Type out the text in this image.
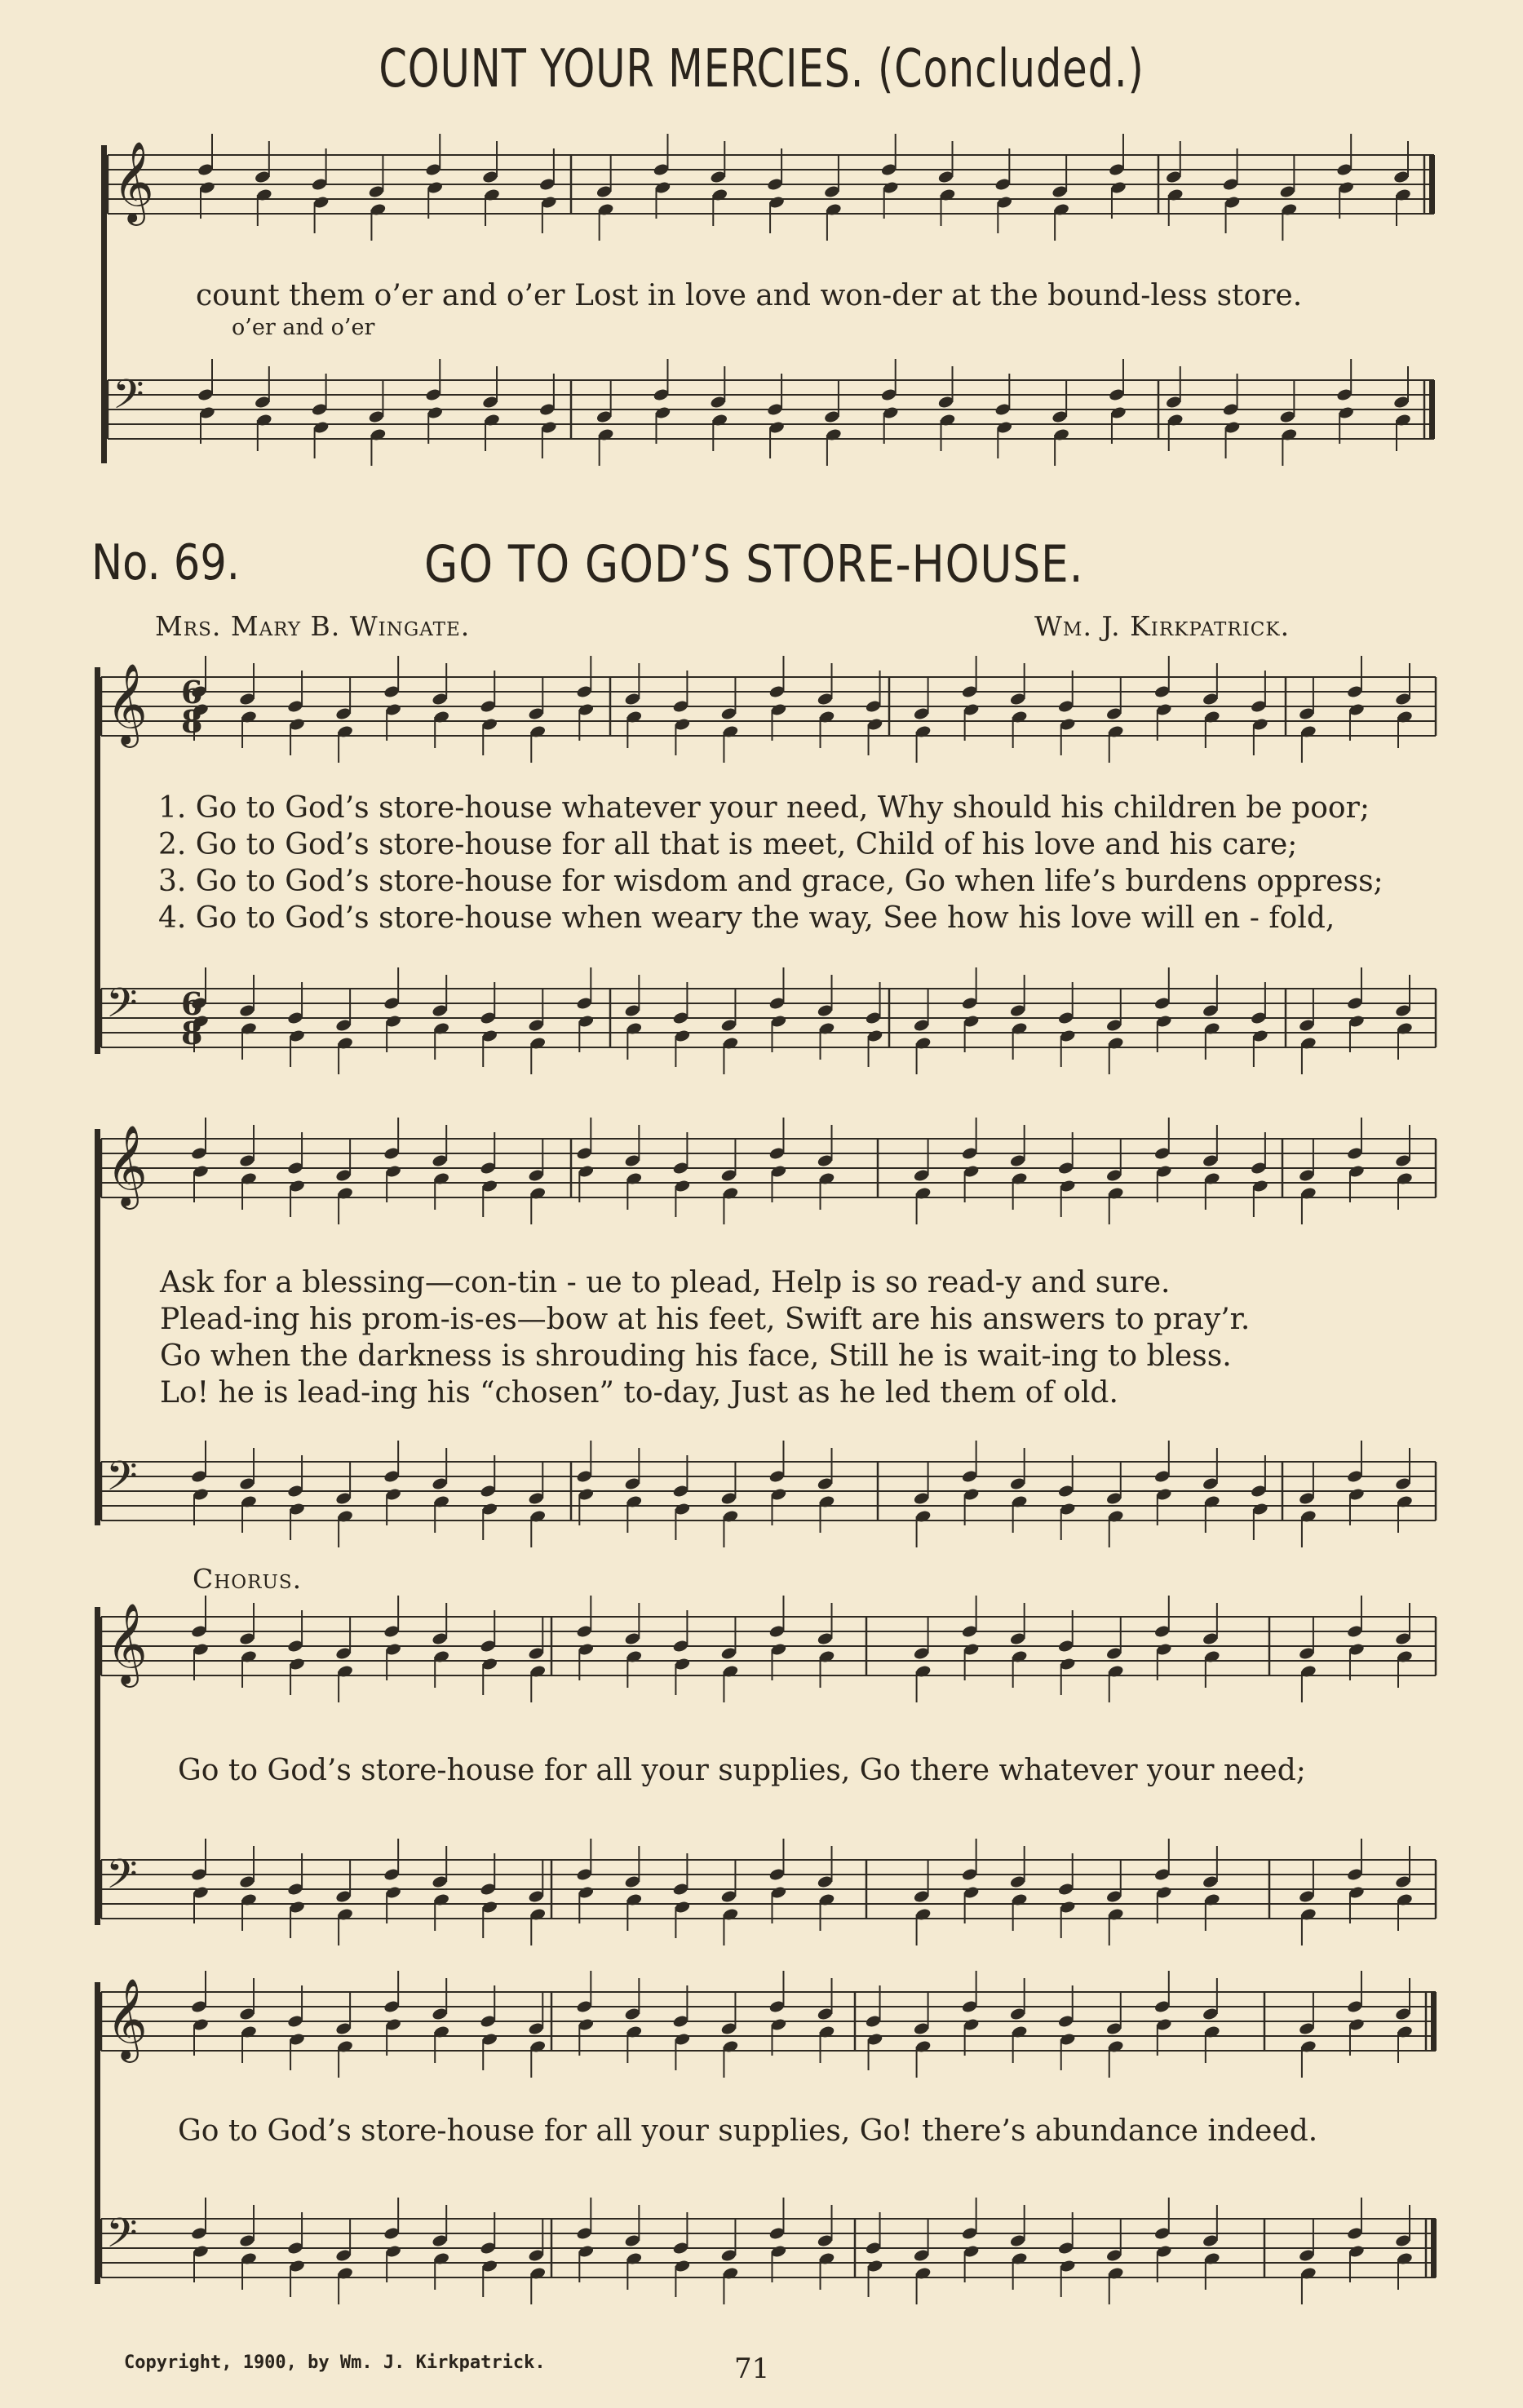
𝄞
𝄢
𝄞 6
8
𝄢 6
8
𝄞
𝄢
𝄞
𝄢
𝄞
𝄢
COUNT YOUR MERCIES. (Concluded.)
count them o’er and o’er Lost in love and won-der at the bound-less store.
o’er and o’er
No. 69.	GO TO GOD’S STORE-HOUSE.
Mrs. Mary B. Wingate.	Wm. J. Kirkpatrick.
1. Go to God’s store-house whatever your need, Why should his children be poor;
2. Go to God’s store-house for all that is meet, Child of his love and his care;
3. Go to God’s store-house for wisdom and grace, Go when life’s burdens oppress;
4. Go to God’s store-house when weary the way, See how his love will en - fold,
Ask for a blessing—con-tin - ue to plead, Help is so read-y and sure.
Plead-ing his prom-is-es—bow at his feet, Swift are his answers to pray’r.
Go when the darkness is shrouding his face, Still he is wait-ing to bless.
Lo! he is lead-ing his “chosen” to-day, Just as he led them of old.
Chorus.
Go to God’s store-house for all your supplies, Go there whatever your need;
Go to God’s store-house for all your supplies, Go! there’s abundance indeed.
Copyright, 1900, by Wm. J. Kirkpatrick.	71
